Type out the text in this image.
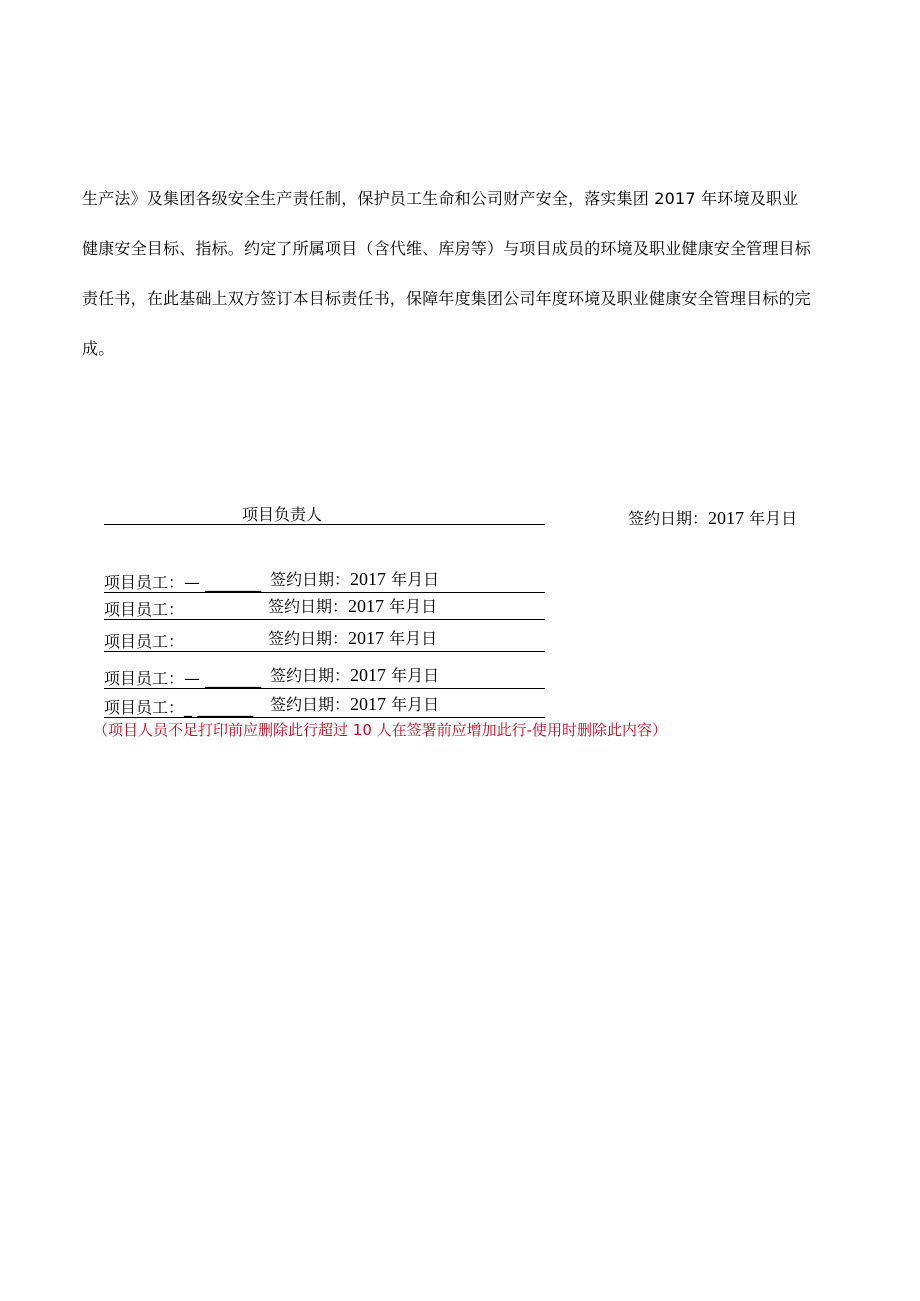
生产法》及集团各级安全生产责任制，保护员工生命和公司财产安全，落实集团 2017 年环境及职业
健康安全目标、指标。约定了所属项目（含代维、库房等）与项目成员的环境及职业健康安全管理目标
责任书，在此基础上双方签订本目标责任书，保障年度集团公司年度环境及职业健康安全管理目标的完
成。
项目负责人	签约日期：2017 年月日
项目员工：— _______ 签约日期：2017 年月日
项目员工：	签约日期：2017 年月日
项目员工：	签约日期：2017 年月日
项目员工：— _______ 签约日期：2017 年月日
项目员工：_ _______ 签约日期：2017 年月日
（项目人员不足打印前应删除此行超过 10 人在签署前应增加此行-使用时删除此内容）
